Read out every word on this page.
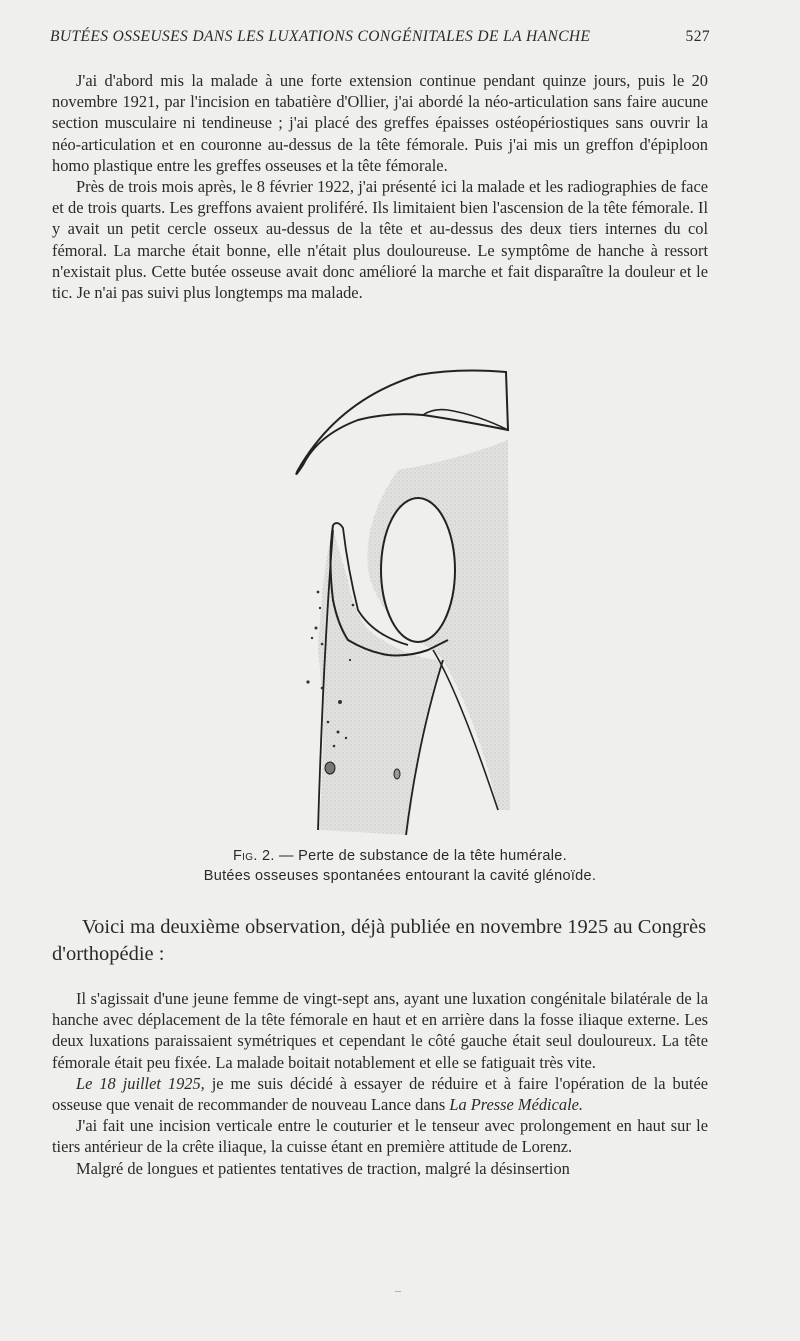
BUTÉES OSSEUSES DANS LES LUXATIONS CONGÉNITALES DE LA HANCHE	527

J'ai d'abord mis la malade à une forte extension continue pendant quinze jours, puis le 20 novembre 1921, par l'incision en tabatière d'Ollier, j'ai abordé la néo-articulation sans faire aucune section musculaire ni tendineuse ; j'ai placé des greffes épaisses ostéopériostiques sans ouvrir la néo-articulation et en couronne au-dessus de la tête fémorale. Puis j'ai mis un greffon d'épiploon homo plastique entre les greffes osseuses et la tête fémorale.

Près de trois mois après, le 8 février 1922, j'ai présenté ici la malade et les radiographies de face et de trois quarts. Les greffons avaient proliféré. Ils limitaient bien l'ascension de la tête fémorale. Il y avait un petit cercle osseux au-dessus de la tête et au-dessus des deux tiers internes du col fémoral. La marche était bonne, elle n'était plus douloureuse. Le symptôme de hanche à ressort n'existait plus. Cette butée osseuse avait donc amélioré la marche et fait disparaître la douleur et le tic. Je n'ai pas suivi plus longtemps ma malade.

Fig. 2. — Perte de substance de la tête humérale.
Butées osseuses spontanées entourant la cavité glénoïde.

Voici ma deuxième observation, déjà publiée en novembre 1925 au Congrès d'orthopédie :

Il s'agissait d'une jeune femme de vingt-sept ans, ayant une luxation congénitale bilatérale de la hanche avec déplacement de la tête fémorale en haut et en arrière dans la fosse iliaque externe. Les deux luxations paraissaient symétriques et cependant le côté gauche était seul douloureux. La tête fémorale était peu fixée. La malade boitait notablement et elle se fatiguait très vite.

Le 18 juillet 1925, je me suis décidé à essayer de réduire et à faire l'opération de la butée osseuse que venait de recommander de nouveau Lance dans La Presse Médicale.

J'ai fait une incision verticale entre le couturier et le tenseur avec prolongement en haut sur le tiers antérieur de la crête iliaque, la cuisse étant en première attitude de Lorenz.

Malgré de longues et patientes tentatives de traction, malgré la désinsertion

–
